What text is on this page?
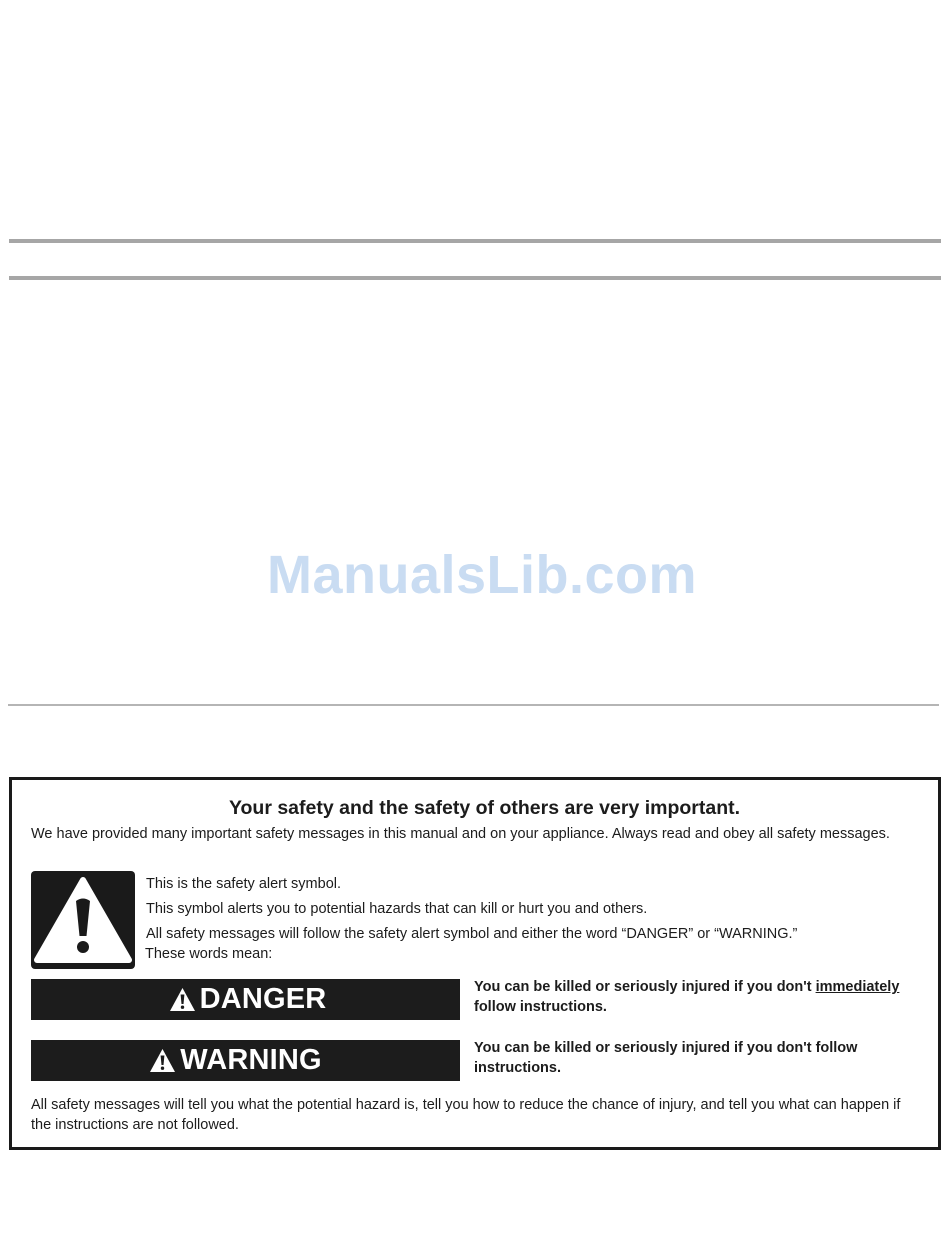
ManualsLib.com
Your safety and the safety of others are very important.
We have provided many important safety messages in this manual and on your appliance. Always read and obey all safety messages.
This is the safety alert symbol.
This symbol alerts you to potential hazards that can kill or hurt you and others.
All safety messages will follow the safety alert symbol and either the word “DANGER” or “WARNING.”
These words mean:
DANGER	You can be killed or seriously injured if you don't immediately follow instructions.
WARNING	You can be killed or seriously injured if you don't follow instructions.
All safety messages will tell you what the potential hazard is, tell you how to reduce the chance of injury, and tell you what can happen if the instructions are not followed.
